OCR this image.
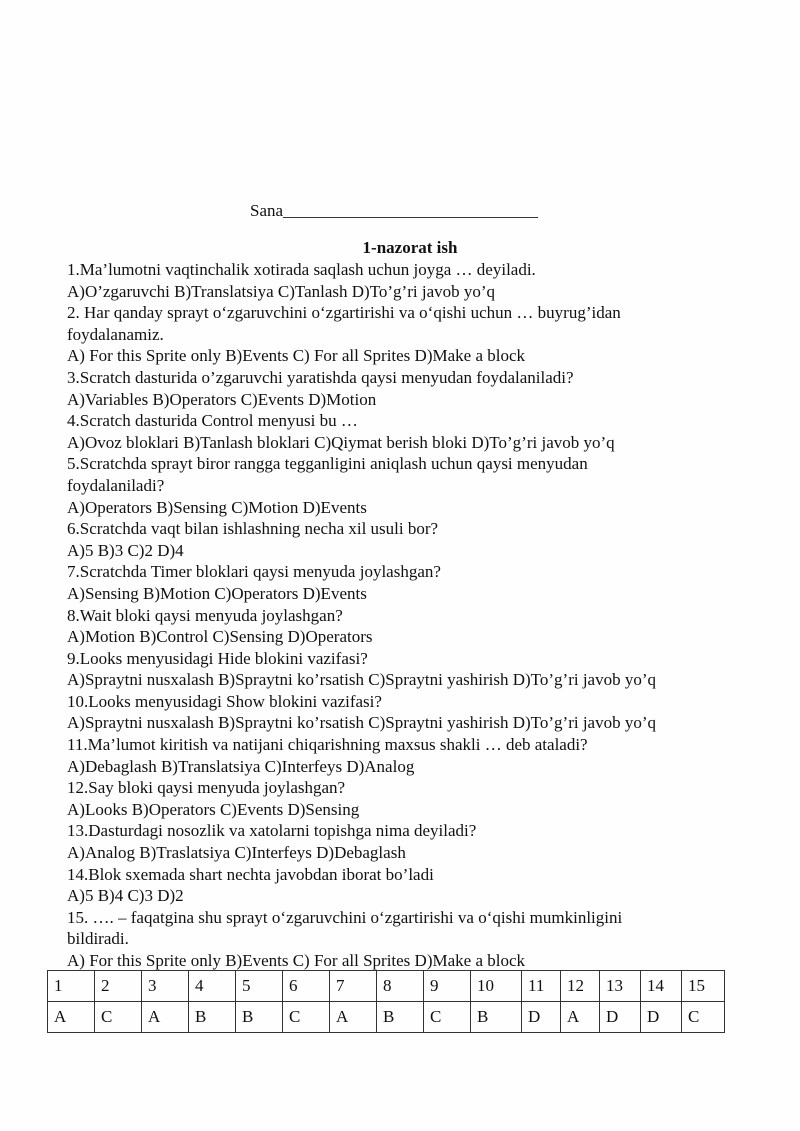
Sana______________________________
1-nazorat ish

1.Ma’lumotni vaqtinchalik xotirada saqlash uchun joyga … deyiladi.

A)O’zgaruvchi B)Translatsiya C)Tanlash D)To’g’ri javob yo’q

2. Har qanday sprayt o‘zgaruvchini o‘zgartirishi va o‘qishi uchun … buyrug’idan

foydalanamiz.

A) For this Sprite only B)Events C) For all Sprites D)Make a block

3.Scratch dasturida o’zgaruvchi yaratishda qaysi menyudan foydalaniladi?

A)Variables B)Operators C)Events D)Motion

4.Scratch dasturida Control menyusi bu …

A)Ovoz bloklari B)Tanlash bloklari C)Qiymat berish bloki D)To’g’ri javob yo’q

5.Scratchda sprayt biror rangga tegganligini aniqlash uchun qaysi menyudan

foydalaniladi?

A)Operators B)Sensing C)Motion D)Events

6.Scratchda vaqt bilan ishlashning necha xil usuli bor?

A)5 B)3 C)2 D)4

7.Scratchda Timer bloklari qaysi menyuda joylashgan?

A)Sensing B)Motion C)Operators D)Events

8.Wait bloki qaysi menyuda joylashgan?

A)Motion B)Control C)Sensing D)Operators

9.Looks menyusidagi Hide blokini vazifasi?

A)Spraytni nusxalash B)Spraytni ko’rsatish C)Spraytni yashirish D)To’g’ri javob yo’q

10.Looks menyusidagi Show blokini vazifasi?

A)Spraytni nusxalash B)Spraytni ko’rsatish C)Spraytni yashirish D)To’g’ri javob yo’q

11.Ma’lumot kiritish va natijani chiqarishning maxsus shakli … deb ataladi?

A)Debaglash B)Translatsiya C)Interfeys D)Analog

12.Say bloki qaysi menyuda joylashgan?

A)Looks B)Operators C)Events D)Sensing

13.Dasturdagi nosozlik va xatolarni topishga nima deyiladi?

A)Analog B)Traslatsiya C)Interfeys D)Debaglash

14.Blok sxemada shart nechta javobdan iborat bo’ladi

A)5 B)4 C)3 D)2

15. …. – faqatgina shu sprayt o‘zgaruvchini o‘zgartirishi va o‘qishi mumkinligini

bildiradi.

A) For this Sprite only B)Events C) For all Sprites D)Make a block

1	2	3	4	5	6	7	8	9	10	11	12	13	14	15
A	C	A	B	B	C	A	B	C	B	D	A	D	D	C
